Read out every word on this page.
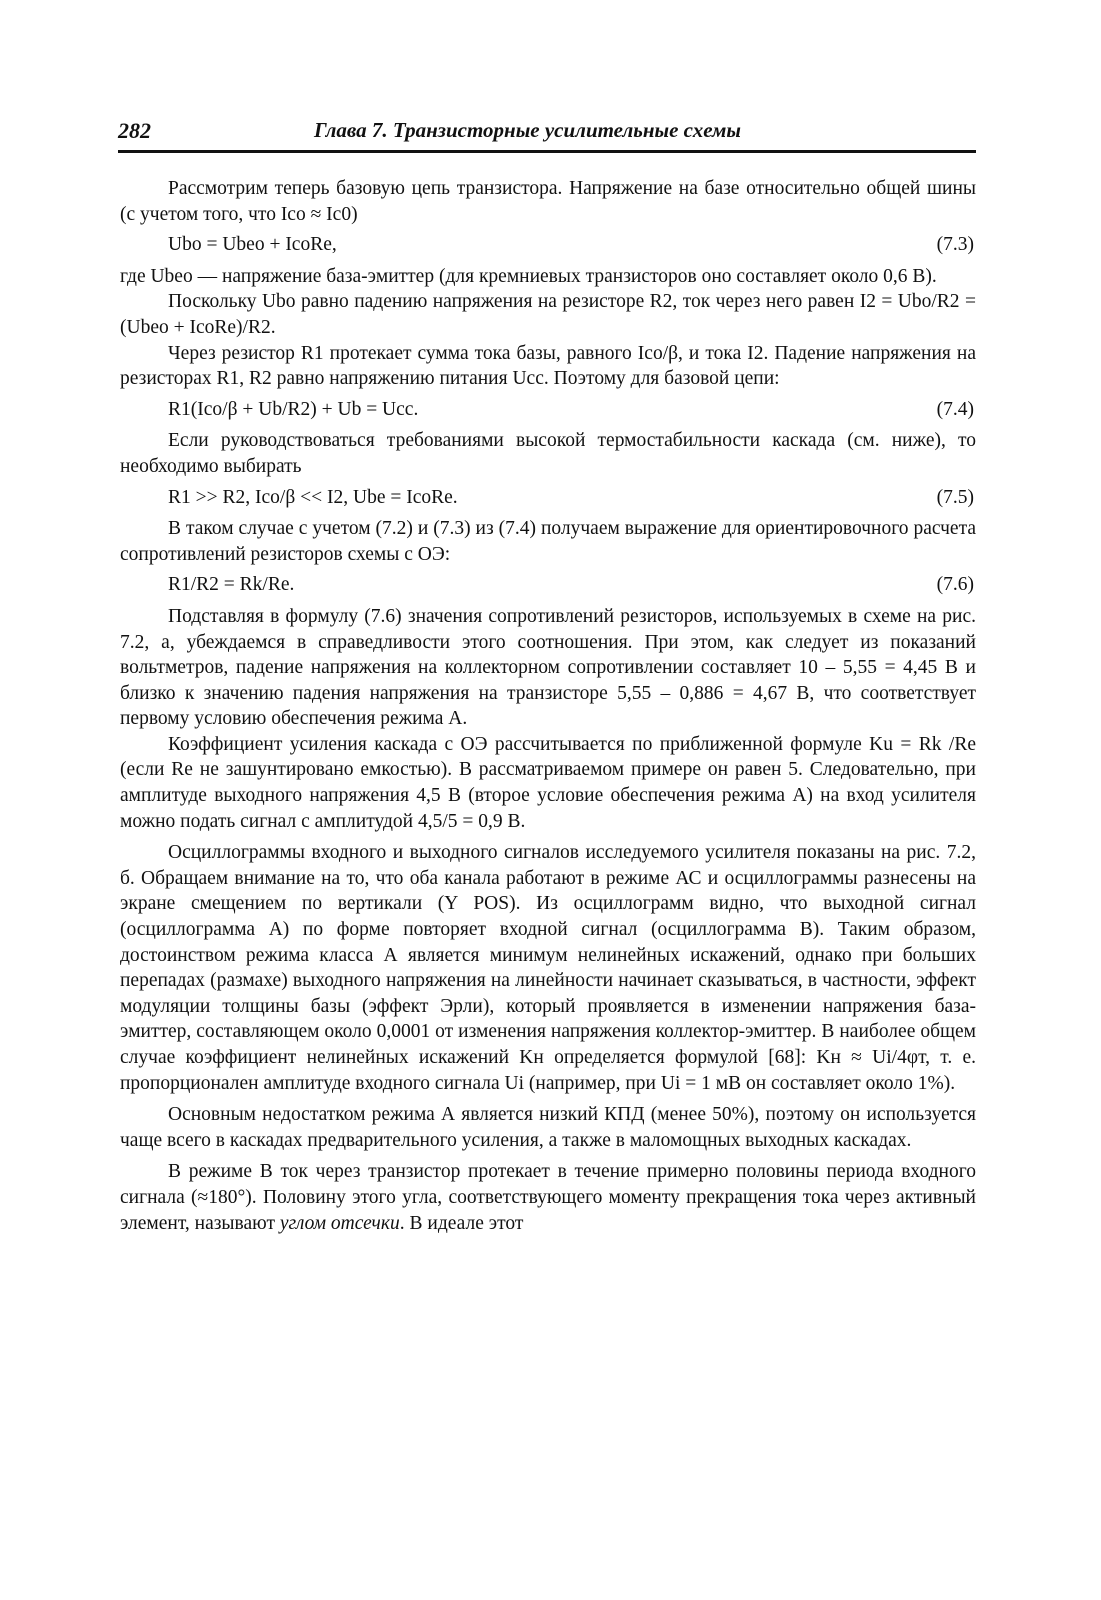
282	Глава 7. Транзисторные усилительные схемы

Рассмотрим теперь базовую цепь транзистора. Напряжение на базе относительно общей шины (с учетом того, что Ico ≈ Ic0)

Ubo = Ubeo + IcoRe,	(7.3)

где Ubeo — напряжение база-эмиттер (для кремниевых транзисторов оно составляет около 0,6 В).

Поскольку Ubo равно падению напряжения на резисторе R2, ток через него равен I2 = Ubo/R2 = (Ubeo + IcoRe)/R2.

Через резистор R1 протекает сумма тока базы, равного Ico/β, и тока I2. Падение напряжения на резисторах R1, R2 равно напряжению питания Ucc. Поэтому для базовой цепи:

R1(Ico/β + Ub/R2) + Ub = Ucc.	(7.4)

Если руководствоваться требованиями высокой термостабильности каскада (см. ниже), то необходимо выбирать

R1 >> R2, Ico/β << I2, Ube = IcoRe.	(7.5)

В таком случае с учетом (7.2) и (7.3) из (7.4) получаем выражение для ориентировочного расчета сопротивлений резисторов схемы с ОЭ:

R1/R2 = Rk/Re.	(7.6)

Подставляя в формулу (7.6) значения сопротивлений резисторов, используемых в схеме на рис. 7.2, а, убеждаемся в справедливости этого соотношения. При этом, как следует из показаний вольтметров, падение напряжения на коллекторном сопротивлении составляет 10 – 5,55 = 4,45 В и близко к значению падения напряжения на транзисторе 5,55 – 0,886 = 4,67 В, что соответствует первому условию обеспечения режима А.

Коэффициент усиления каскада с ОЭ рассчитывается по приближенной формуле Ku = Rk /Re (если Re не зашунтировано емкостью). В рассматриваемом примере он равен 5. Следовательно, при амплитуде выходного напряжения 4,5 В (второе условие обеспечения режима А) на вход усилителя можно подать сигнал с амплитудой 4,5/5 = 0,9 В.

Осциллограммы входного и выходного сигналов исследуемого усилителя показаны на рис. 7.2, б. Обращаем внимание на то, что оба канала работают в режиме АС и осциллограммы разнесены на экране смещением по вертикали (Y POS). Из осциллограмм видно, что выходной сигнал (осциллограмма А) по форме повторяет входной сигнал (осциллограмма В). Таким образом, достоинством режима класса А является минимум нелинейных искажений, однако при больших перепадах (размахе) выходного напряжения на линейности начинает сказываться, в частности, эффект модуляции толщины базы (эффект Эрли), который проявляется в изменении напряжения база-эмиттер, составляющем около 0,0001 от изменения напряжения коллектор-эмиттер. В наиболее общем случае коэффициент нелинейных искажений Kн определяется формулой [68]: Kн ≈ Ui/4φт, т. е. пропорционален амплитуде входного сигнала Ui (например, при Ui = 1 мВ он составляет около 1%).

Основным недостатком режима А является низкий КПД (менее 50%), поэтому он используется чаще всего в каскадах предварительного усиления, а также в маломощных выходных каскадах.

В режиме В ток через транзистор протекает в течение примерно половины периода входного сигнала (≈180°). Половину этого угла, соответствующего моменту прекращения тока через активный элемент, называют углом отсечки. В идеале этот
